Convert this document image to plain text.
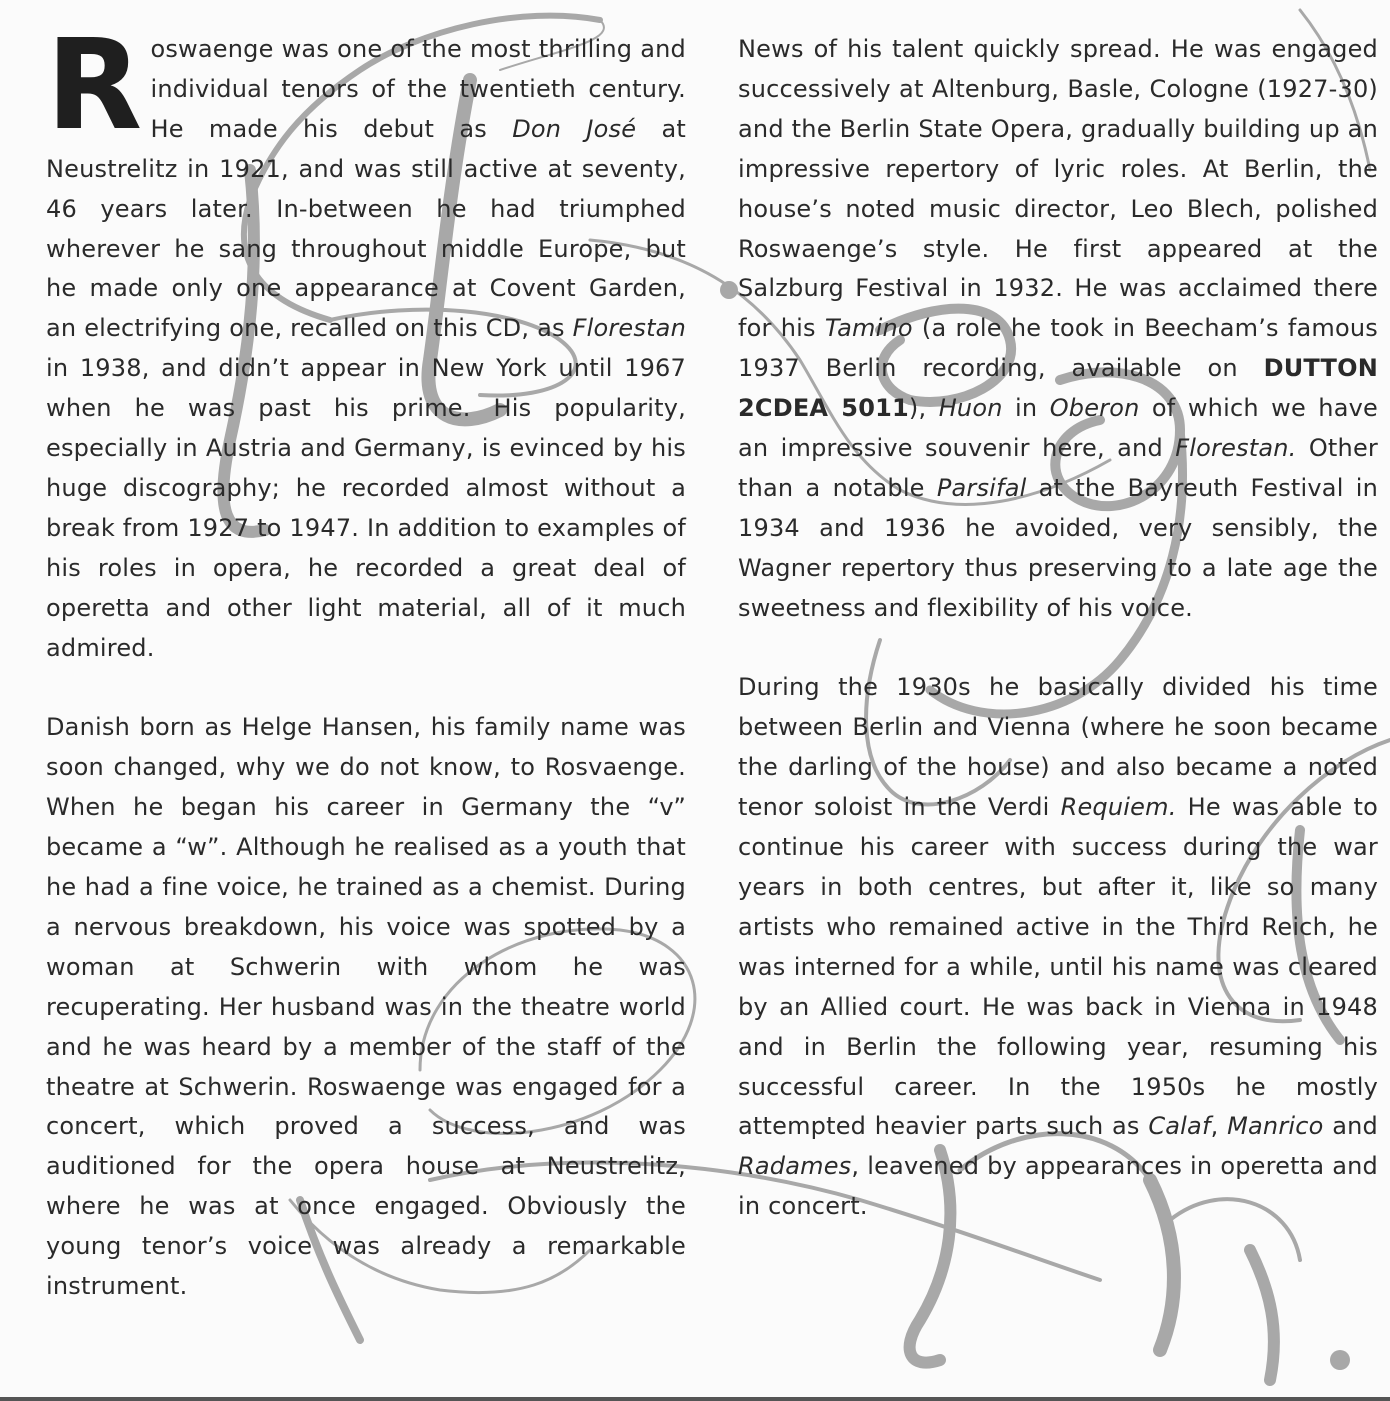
Roswaenge was one of the most thrilling and individual tenors of the twentieth century. He made his debut as Don José at Neustrelitz in 1921, and was still active at seventy, 46 years later. In-between he had triumphed wherever he sang throughout middle Europe, but he made only one appearance at Covent Garden, an electrifying one, recalled on this CD, as Florestan in 1938, and didn’t appear in New York until 1967 when he was past his prime. His popularity, especially in Austria and Germany, is evinced by his huge discography; he recorded almost without a break from 1927 to 1947. In addition to examples of his roles in opera, he recorded a great deal of operetta and other light material, all of it much admired.

Danish born as Helge Hansen, his family name was soon changed, why we do not know, to Rosvaenge. When he began his career in Germany the “v” became a “w”. Although he realised as a youth that he had a fine voice, he trained as a chemist. During a nervous breakdown, his voice was spotted by a woman at Schwerin with whom he was recuperating. Her husband was in the theatre world and he was heard by a member of the staff of the theatre at Schwerin. Roswaenge was engaged for a concert, which proved a success, and was auditioned for the opera house at Neustrelitz, where he was at once engaged. Obviously the young tenor’s voice was already a remarkable instrument.

News of his talent quickly spread. He was engaged successively at Altenburg, Basle, Cologne (1927-30) and the Berlin State Opera, gradually building up an impressive repertory of lyric roles. At Berlin, the house’s noted music director, Leo Blech, polished Roswaenge’s style. He first appeared at the Salzburg Festival in 1932. He was acclaimed there for his Tamino (a role he took in Beecham’s famous 1937 Berlin recording, available on DUTTON 2CDEA 5011), Huon in Oberon of which we have an impressive souvenir here, and Florestan. Other than a notable Parsifal at the Bayreuth Festival in 1934 and 1936 he avoided, very sensibly, the Wagner repertory thus preserving to a late age the sweetness and flexibility of his voice.

During the 1930s he basically divided his time between Berlin and Vienna (where he soon became the darling of the house) and also became a noted tenor soloist in the Verdi Requiem. He was able to continue his career with success during the war years in both centres, but after it, like so many artists who remained active in the Third Reich, he was interned for a while, until his name was cleared by an Allied court. He was back in Vienna in 1948 and in Berlin the following year, resuming his successful career. In the 1950s he mostly attempted heavier parts such as Calaf, Manrico and Radames, leavened by appearances in operetta and in concert.
